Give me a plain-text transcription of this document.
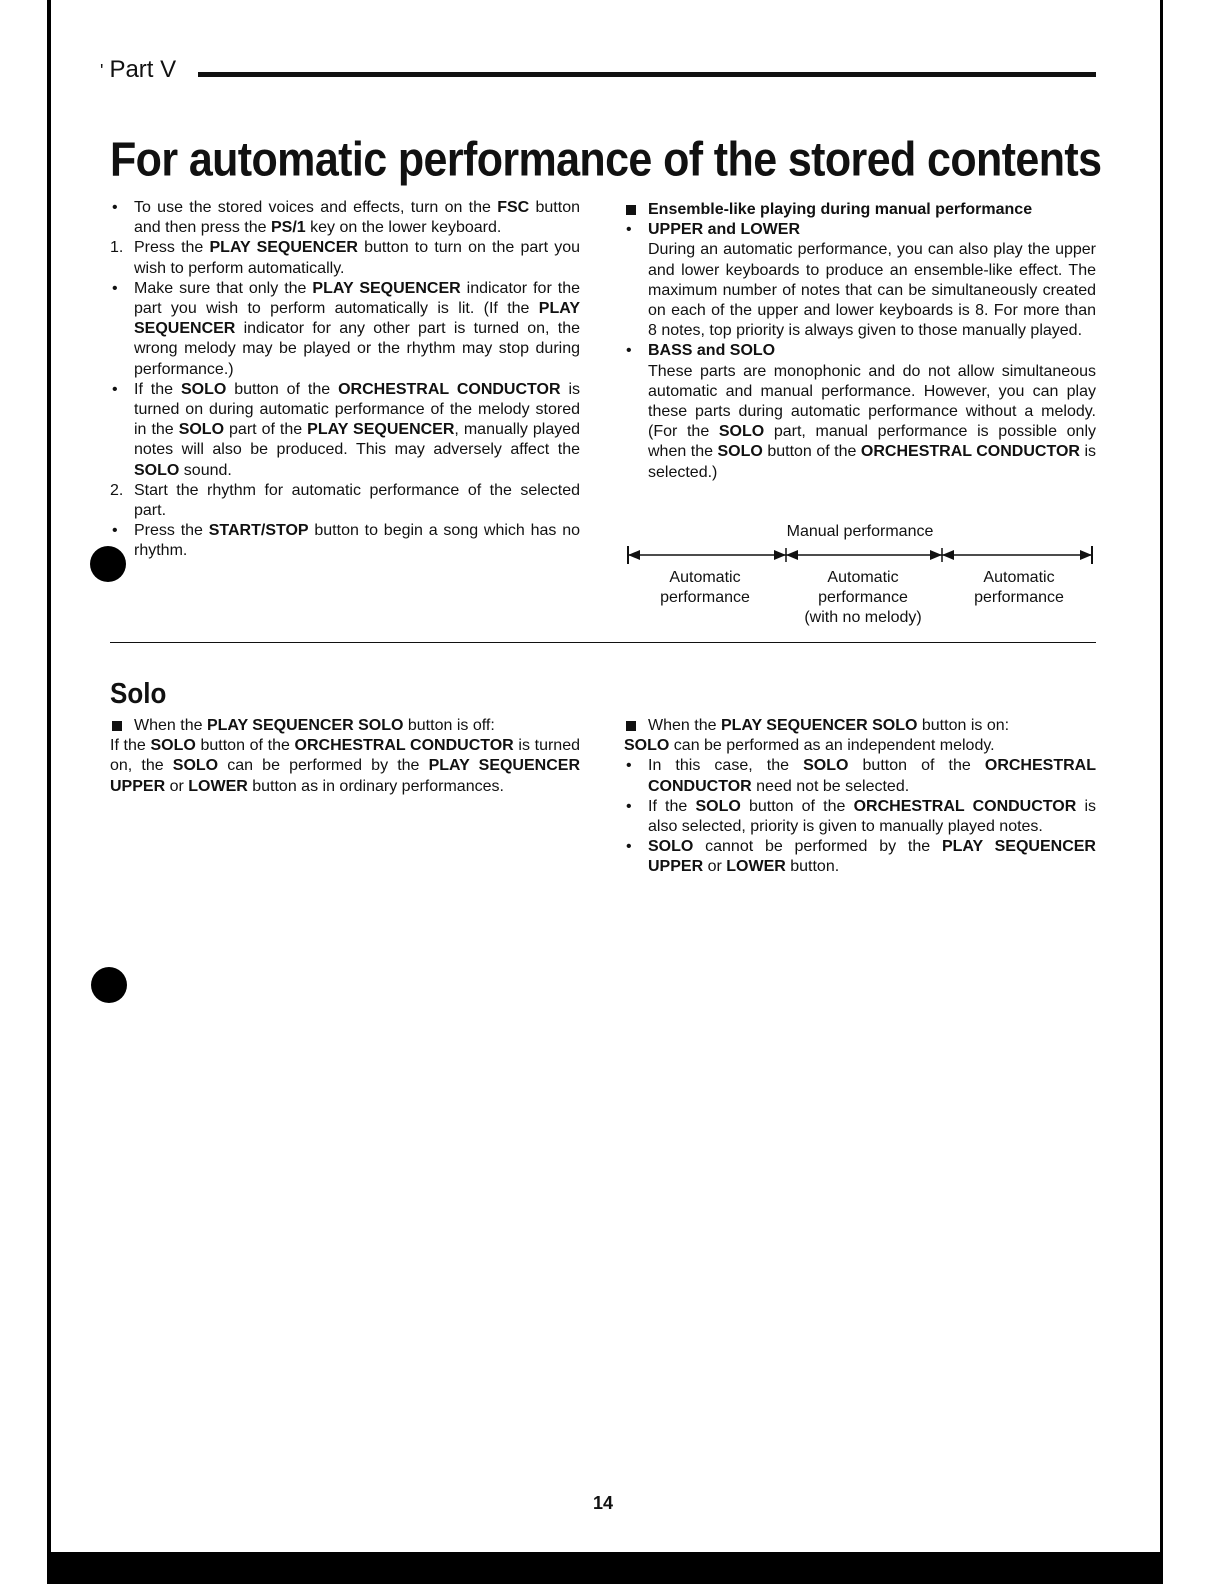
' Part V
For automatic performance of the stored contents
• To use the stored voices and effects, turn on the FSC button and then press the PS/1 key on the lower keyboard.
1. Press the PLAY SEQUENCER button to turn on the part you wish to perform automatically.
• Make sure that only the PLAY SEQUENCER indicator for the part you wish to perform automatically is lit. (If the PLAY SEQUENCER indicator for any other part is turned on, the wrong melody may be played or the rhythm may stop during performance.)
• If the SOLO button of the ORCHESTRAL CONDUCTOR is turned on during automatic performance of the melody stored in the SOLO part of the PLAY SEQUENCER, manually played notes will also be produced. This may adversely affect the SOLO sound.
2. Start the rhythm for automatic performance of the selected part.
• Press the START/STOP button to begin a song which has no rhythm.
Ensemble-like playing during manual performance
• UPPER and LOWER
During an automatic performance, you can also play the upper and lower keyboards to produce an ensemble-like effect. The maximum number of notes that can be simultaneously created on each of the upper and lower keyboards is 8. For more than 8 notes, top priority is always given to those manually played.
• BASS and SOLO
These parts are monophonic and do not allow simultaneous automatic and manual performance. However, you can play these parts during automatic performance without a melody. (For the SOLO part, manual performance is possible only when the SOLO button of the ORCHESTRAL CONDUCTOR is selected.)
Manual performance
Automatic
performance
Automatic
performance
(with no melody)
Automatic
performance
Solo
When the PLAY SEQUENCER SOLO button is off:
If the SOLO button of the ORCHESTRAL CONDUCTOR is turned on, the SOLO can be performed by the PLAY SEQUENCER UPPER or LOWER button as in ordinary performances.
When the PLAY SEQUENCER SOLO button is on:
SOLO can be performed as an independent melody.
• In this case, the SOLO button of the ORCHESTRAL CONDUCTOR need not be selected.
• If the SOLO button of the ORCHESTRAL CONDUCTOR is also selected, priority is given to manually played notes.
• SOLO cannot be performed by the PLAY SEQUENCER UPPER or LOWER button.
14
